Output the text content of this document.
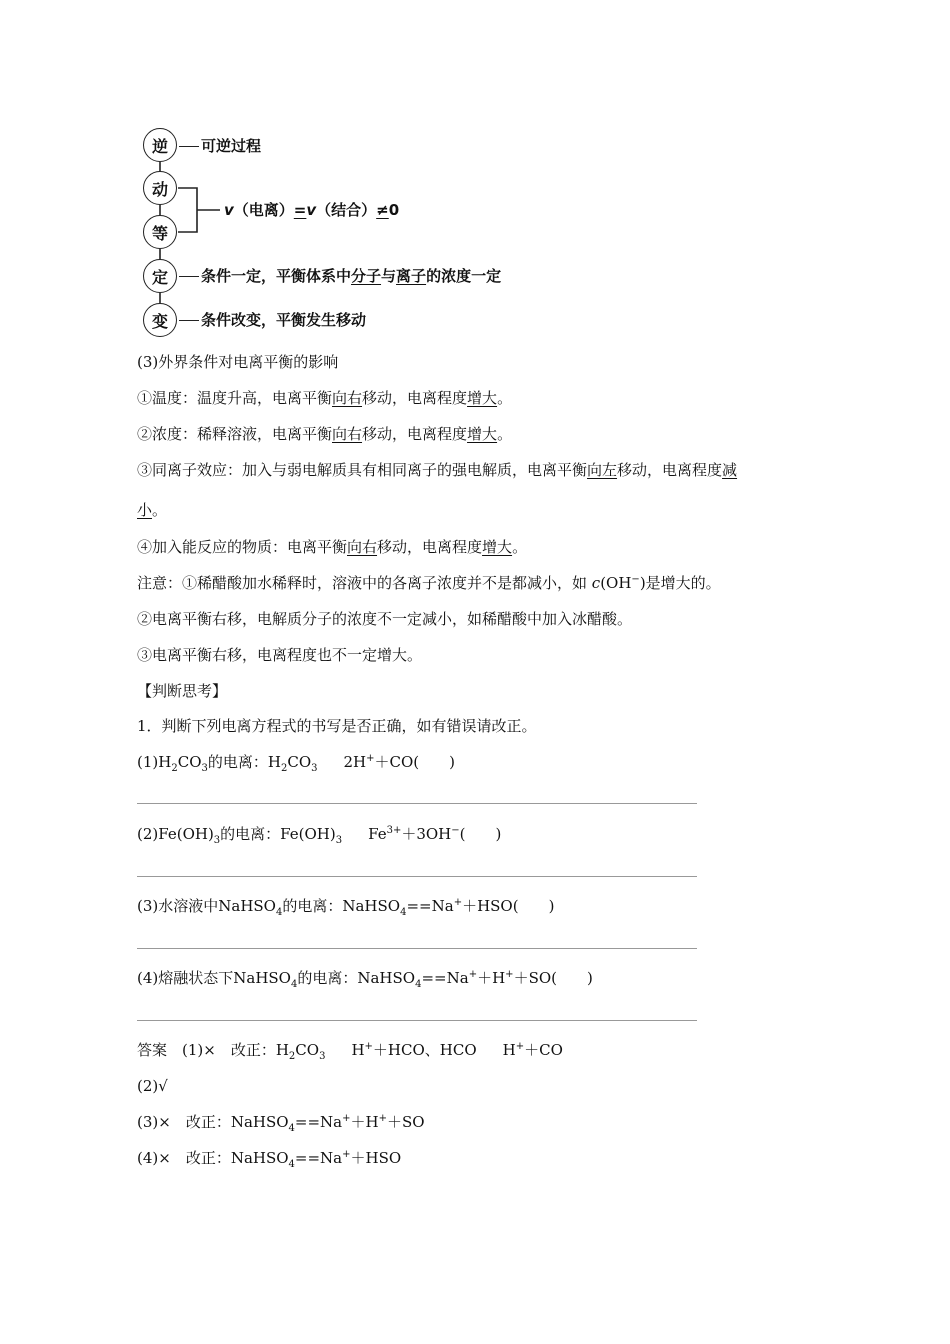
逆
动
等
定
变
可逆过程
v（电离）=v（结合）≠0
条件一定，平衡体系中分子与离子的浓度一定
条件改变，平衡发生移动
(3)外界条件对电离平衡的影响
①温度：温度升高，电离平衡向右移动，电离程度增大。
②浓度：稀释溶液，电离平衡向右移动，电离程度增大。
③同离子效应：加入与弱电解质具有相同离子的强电解质，电离平衡向左移动，电离程度减
小。
④加入能反应的物质：电离平衡向右移动，电离程度增大。
注意：①稀醋酸加水稀释时，溶液中的各离子浓度并不是都减小，如 c(OH−)是增大的。
②电离平衡右移，电解质分子的浓度不一定减小，如稀醋酸中加入冰醋酸。
③电离平衡右移，电离程度也不一定增大。
【判断思考】
1．判断下列电离方程式的书写是否正确，如有错误请改正。
$(1)H_2CO_3$的电离：$H_2CO_3$ 2H+＋CO(　　)
$(2)Fe(OH)_3$的电离：$Fe(OH)_3$ $Fe^{3+}+3OH^-$(　　)
(3)水溶液中NaHSO$_4$的电离：NaHSO$_4$==Na+＋HSO(　　)
(4)熔融状态下NaHSO$_4$的电离：NaHSO$_4$==Na+＋H+＋SO(　　)
答案　(1)×　改正：$H_2CO_3$ H+＋HCO、HCO H+＋CO
(2)√
(3)×　改正：NaHSO$_4$==Na+＋H+＋SO
(4)×　改正：NaHSO$_4$==Na+＋HSO
